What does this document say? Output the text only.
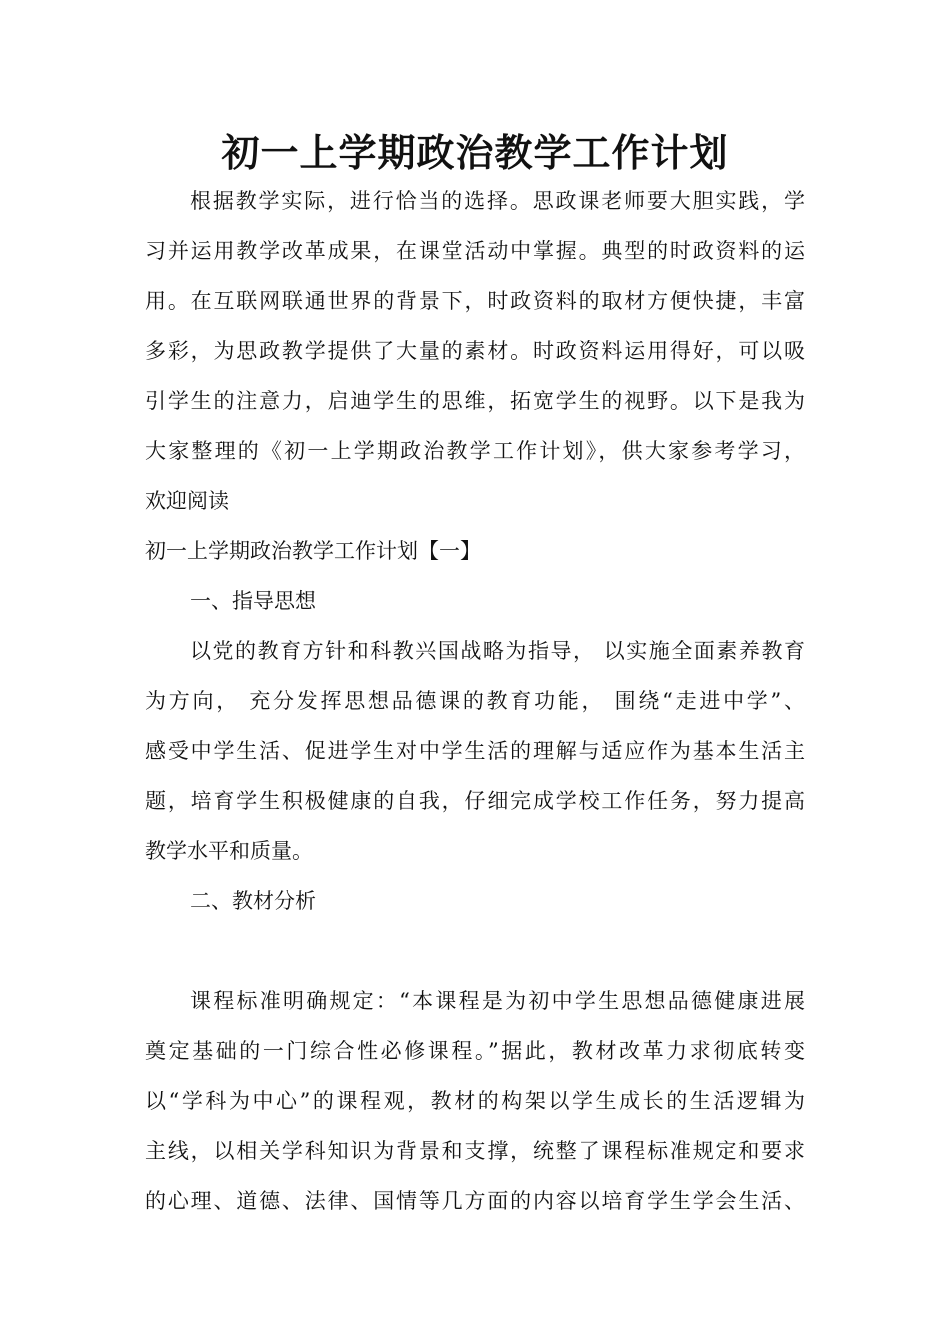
初一上学期政治教学工作计划
根据教学实际，进行恰当的选择。思政课老师要大胆实践，学
习并运用教学改革成果，在课堂活动中掌握。典型的时政资料的运
用。在互联网联通世界的背景下，时政资料的取材方便快捷，丰富
多彩，为思政教学提供了大量的素材。时政资料运用得好，可以吸
引学生的注意力，启迪学生的思维，拓宽学生的视野。以下是我为
大家整理的《初一上学期政治教学工作计划》，供大家参考学习，
欢迎阅读
初一上学期政治教学工作计划【一】
一、指导思想
以党的教育方针和科教兴国战略为指导， 以实施全面素养教育
为方向， 充分发挥思想品德课的教育功能， 围绕“走进中学”、
感受中学生活、促进学生对中学生活的理解与适应作为基本生活主
题，培育学生积极健康的自我，仔细完成学校工作任务，努力提高
教学水平和质量。
二、教材分析
课程标准明确规定：“本课程是为初中学生思想品德健康进展
奠定基础的一门综合性必修课程。”据此，教材改革力求彻底转变
以“学科为中心”的课程观，教材的构架以学生成长的生活逻辑为
主线，以相关学科知识为背景和支撑，统整了课程标准规定和要求
的心理、道德、法律、国情等几方面的内容以培育学生学会生活、
